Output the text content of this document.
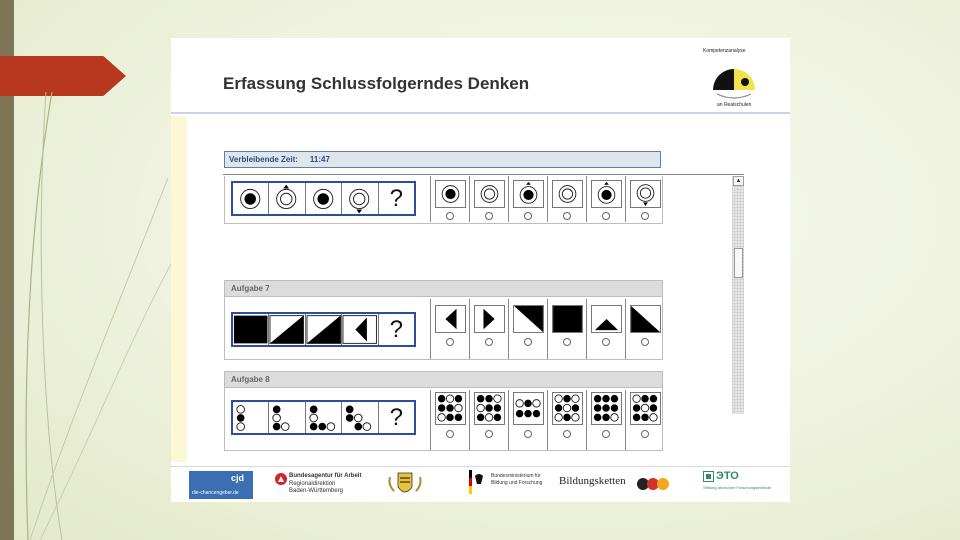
Erfassung Schlussfolgerndes Denken
Kompetenzanalyse
an Realschulen
Verbleibende Zeit: 11:47
?
Aufgabe 7
?
Aufgabe 8
?
▲
cjd
die-chancengeber.de
Bundesagentur für Arbeit
Regionaldirektion Baden-Württemberg
Bundesministerium für Bildung und Forschung	Bildungsketten	ЭТО
Stiftung deutscher Forschungsinstitute
